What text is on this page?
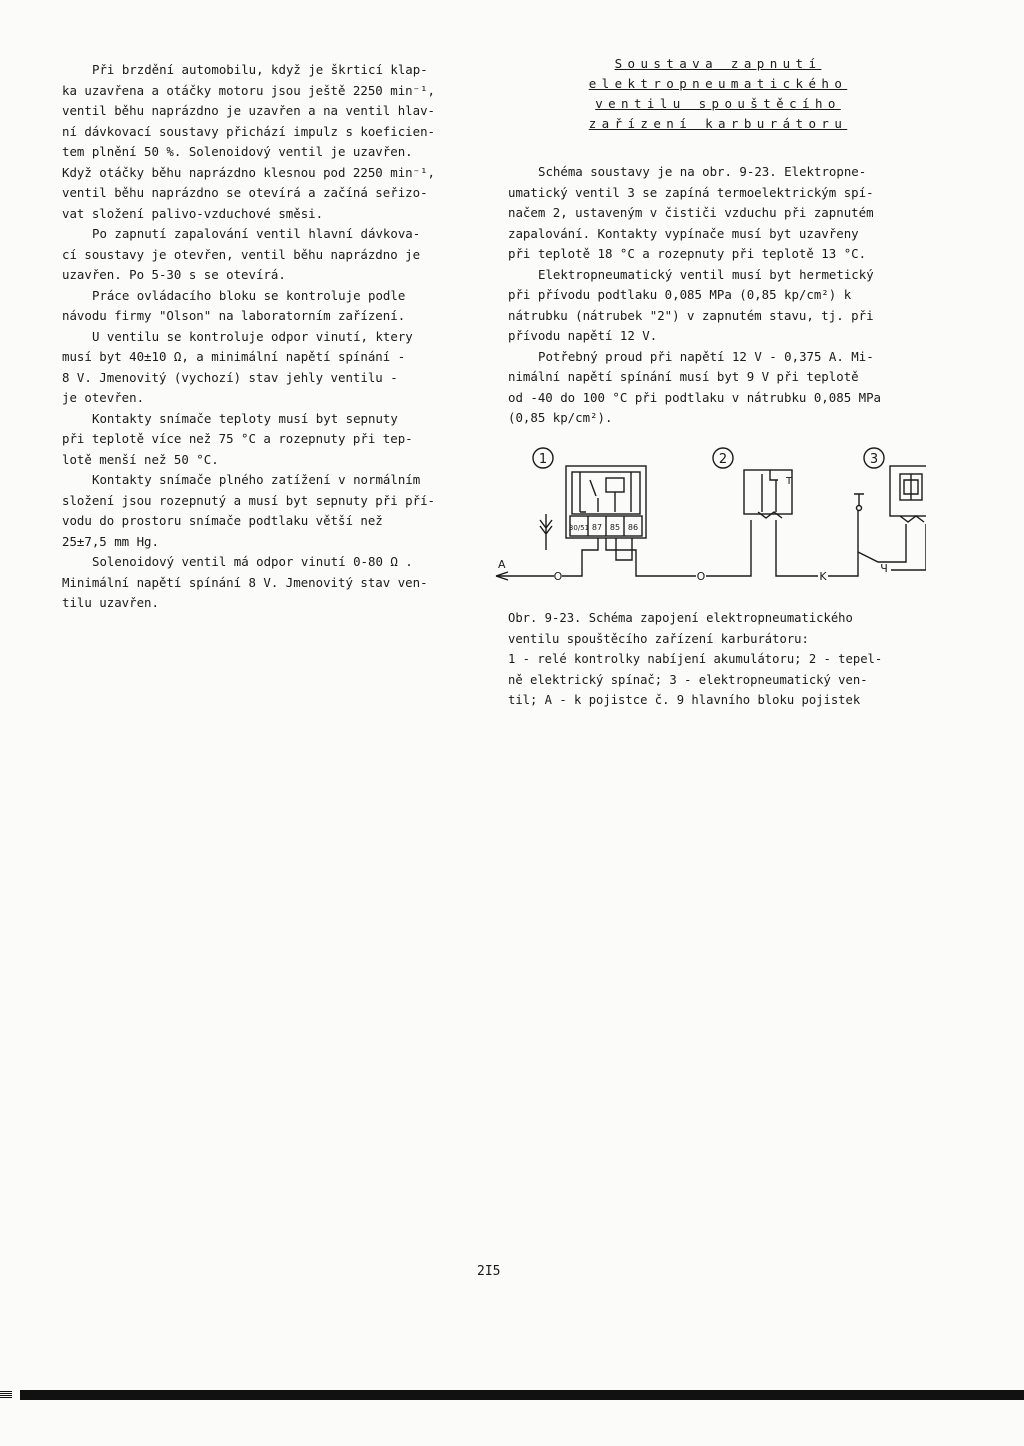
Při brzdění automobilu, když je škrticí klap-
ka uzavřena a otáčky motoru jsou ještě 2250 min⁻¹,
ventil běhu naprázdno je uzavřen a na ventil hlav-
ní dávkovací soustavy přichází impulz s koeficien-
tem plnění 50 %. Solenoidový ventil je uzavřen.
Když otáčky běhu naprázdno klesnou pod 2250 min⁻¹,
ventil běhu naprázdno se otevírá a začíná seřizo-
vat složení palivo-vzduchové směsi.

Po zapnutí zapalování ventil hlavní dávkova-
cí soustavy je otevřen, ventil běhu naprázdno je
uzavřen. Po 5-30 s se otevírá.

Práce ovládacího bloku se kontroluje podle
návodu firmy "Olson" na laboratorním zařízení.

U ventilu se kontroluje odpor vinutí, ktery
musí byt 40±10 Ω, a minimální napětí spínání -
8 V. Jmenovitý (vychozí) stav jehly ventilu -
je otevřen.

Kontakty snímače teploty musí byt sepnuty
při teplotě více než 75 °C a rozepnuty při tep-
lotě menší než 50 °C.

Kontakty snímače plného zatížení v normálním
složení jsou rozepnutý a musí byt sepnuty při pří-
vodu do prostoru snímače podtlaku větší než
25±7,5 mm Hg.

Solenoidový ventil má odpor vinutí 0-80 Ω .
Minimální napětí spínání 8 V. Jmenovitý stav ven-
tilu uzavřen.

Soustava zapnutí
elektropneumatického
ventilu spouštěcího
zařízení karburátoru

Schéma soustavy je na obr. 9-23. Elektropne-
umatický ventil 3 se zapíná termoelektrickým spí-
načem 2, ustaveným v čističi vzduchu při zapnutém
zapalování. Kontakty vypínače musí byt uzavřeny
při teplotě 18 °C a rozepnuty při teplotě 13 °C.

Elektropneumatický ventil musí byt hermetický
při přívodu podtlaku 0,085 MPa (0,85 kp/cm²) k
nátrubku (nátrubek "2") v zapnutém stavu, tj. při
přívodu napětí 12 V.

Potřebný proud při napětí 12 V - 0,375 A. Mi-
nimální napětí spínání musí byt 9 V při teplotě
od -40 do 100 °C při podtlaku v nátrubku 0,085 MPa
(0,85 kp/cm²).

1	2	3
30/51 87 85 86
T
A
O	O	K
Ч

Obr. 9-23. Schéma zapojení elektropneumatického
ventilu spouštěcího zařízení karburátoru:
1 - relé kontrolky nabíjení akumulátoru; 2 - tepel-
ně elektrický spínač; 3 - elektropneumatický ven-
til; A - k pojistce č. 9 hlavního bloku pojistek

2I5
